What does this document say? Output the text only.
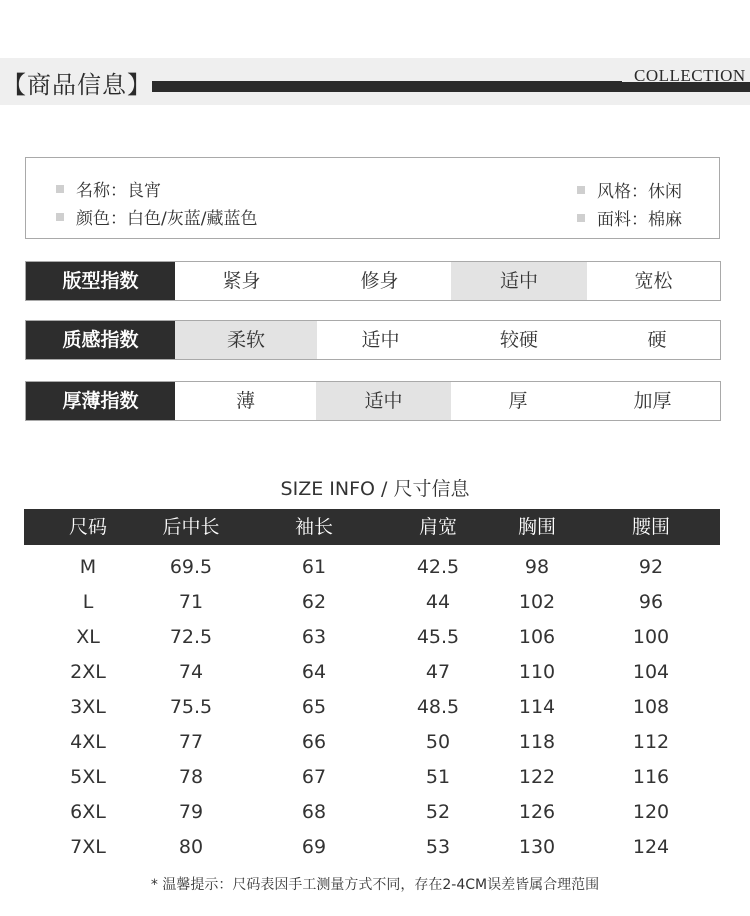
【商品信息】	COLLECTION
名称：良宵
颜色：白色/灰蓝/藏蓝色
风格：休闲
面料：棉麻
版型指数	紧身	修身	适中	宽松
质感指数	柔软	适中	较硬	硬
厚薄指数	薄	适中	厚	加厚
SIZE INFO / 尺寸信息
尺码	后中长	袖长	肩宽	胸围	腰围
M	69.5	61	42.5	98	92
L	71	62	44	102	96
XL	72.5	63	45.5	106	100
2XL	74	64	47	110	104
3XL	75.5	65	48.5	114	108
4XL	77	66	50	118	112
5XL	78	67	51	122	116
6XL	79	68	52	126	120
7XL	80	69	53	130	124
* 温馨提示：尺码表因手工测量方式不同，存在2-4CM误差皆属合理范围
